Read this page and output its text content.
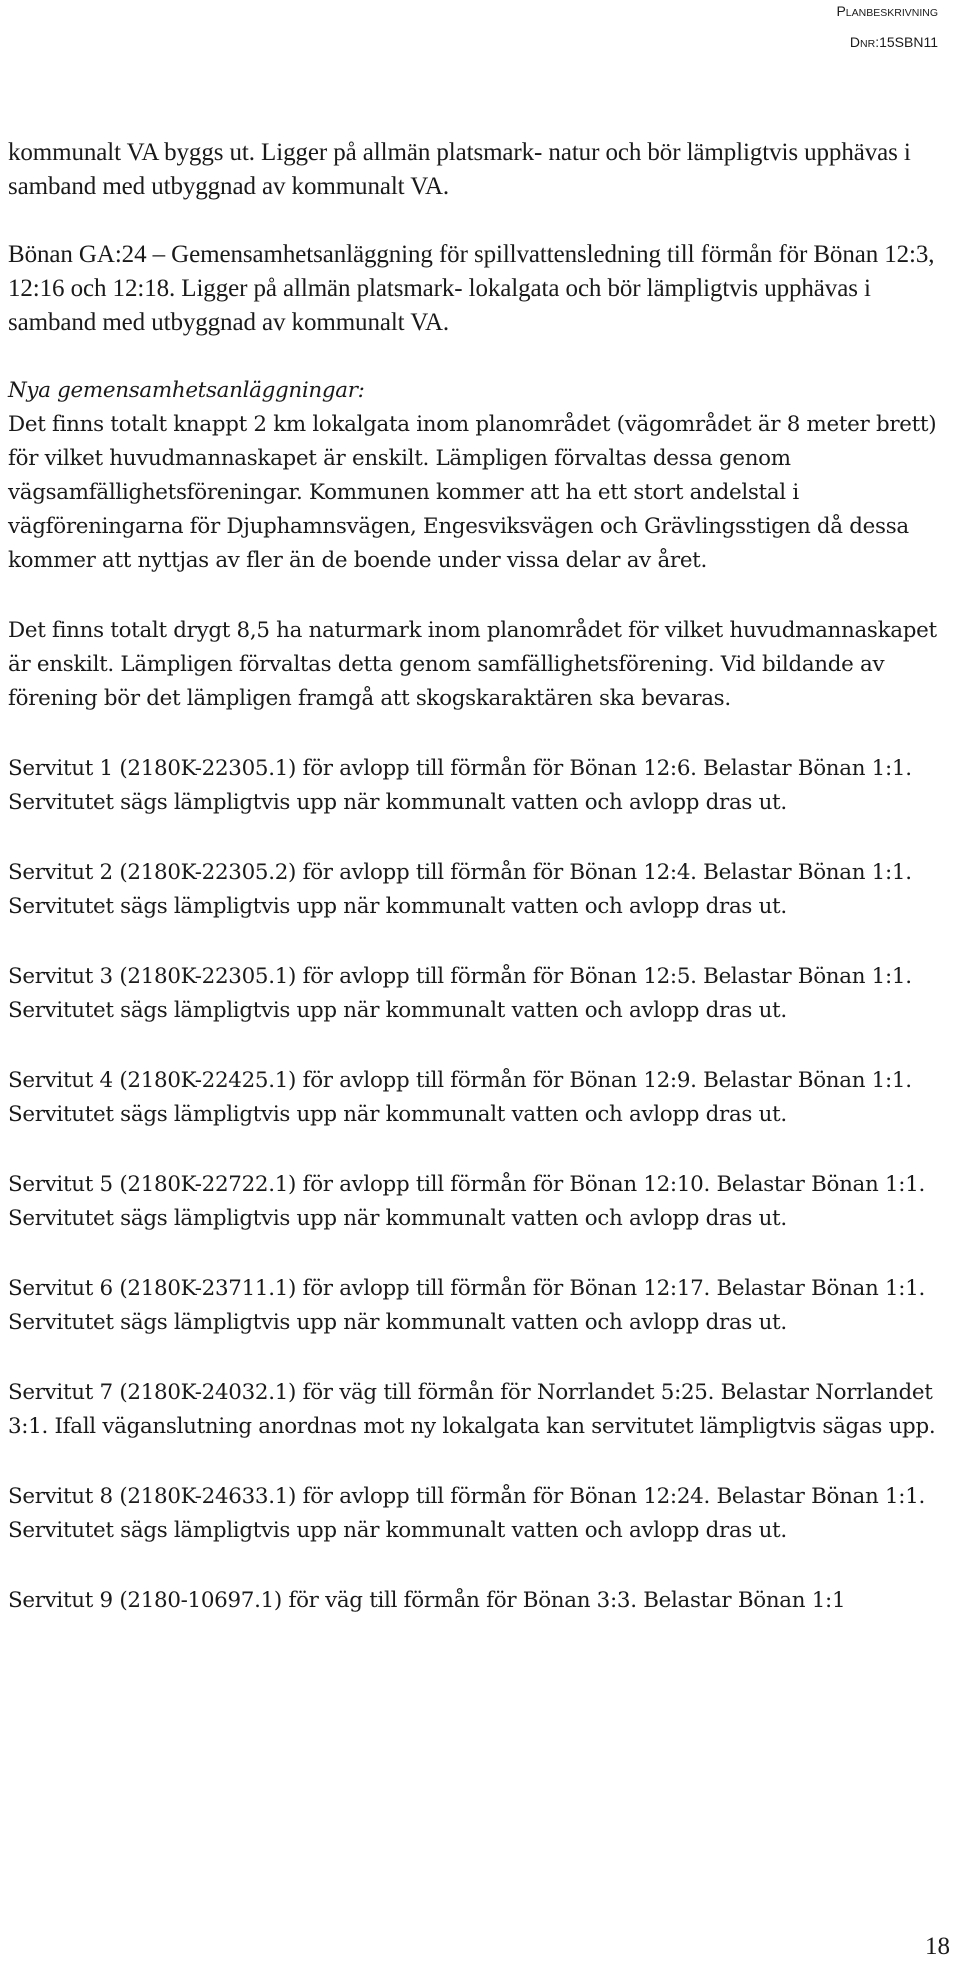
PLANBESKRIVNING
DNR:15SBN11

kommunalt VA byggs ut. Ligger på allmän platsmark- natur och bör lämpligtvis upphävas i samband med utbyggnad av kommunalt VA.

Bönan GA:24 – Gemensamhetsanläggning för spillvattensledning till förmån för Bönan 12:3, 12:16 och 12:18. Ligger på allmän platsmark- lokalgata och bör lämpligtvis upphävas i samband med utbyggnad av kommunalt VA.

Nya gemensamhetsanläggningar:

Det finns totalt knappt 2 km lokalgata inom planområdet (vägområdet är 8 meter brett) för vilket huvudmannaskapet är enskilt. Lämpligen förvaltas dessa genom vägsamfällighetsföreningar. Kommunen kommer att ha ett stort andelstal i vägföreningarna för Djuphamnsvägen, Engesviksvägen och Grävlingsstigen då dessa kommer att nyttjas av fler än de boende under vissa delar av året.

Det finns totalt drygt 8,5 ha naturmark inom planområdet för vilket huvudmannaskapet är enskilt. Lämpligen förvaltas detta genom samfällighetsförening. Vid bildande av förening bör det lämpligen framgå att skogskaraktären ska bevaras.

Servitut 1 (2180K-22305.1) för avlopp till förmån för Bönan 12:6. Belastar Bönan 1:1. Servitutet sägs lämpligtvis upp när kommunalt vatten och avlopp dras ut.

Servitut 2 (2180K-22305.2) för avlopp till förmån för Bönan 12:4. Belastar Bönan 1:1. Servitutet sägs lämpligtvis upp när kommunalt vatten och avlopp dras ut.

Servitut 3 (2180K-22305.1) för avlopp till förmån för Bönan 12:5. Belastar Bönan 1:1. Servitutet sägs lämpligtvis upp när kommunalt vatten och avlopp dras ut.

Servitut 4 (2180K-22425.1) för avlopp till förmån för Bönan 12:9. Belastar Bönan 1:1. Servitutet sägs lämpligtvis upp när kommunalt vatten och avlopp dras ut.

Servitut 5 (2180K-22722.1) för avlopp till förmån för Bönan 12:10. Belastar Bönan 1:1. Servitutet sägs lämpligtvis upp när kommunalt vatten och avlopp dras ut.

Servitut 6 (2180K-23711.1) för avlopp till förmån för Bönan 12:17. Belastar Bönan 1:1. Servitutet sägs lämpligtvis upp när kommunalt vatten och avlopp dras ut.

Servitut 7 (2180K-24032.1) för väg till förmån för Norrlandet 5:25. Belastar Norrlandet 3:1. Ifall väganslutning anordnas mot ny lokalgata kan servitutet lämpligtvis sägas upp.

Servitut 8 (2180K-24633.1) för avlopp till förmån för Bönan 12:24. Belastar Bönan 1:1. Servitutet sägs lämpligtvis upp när kommunalt vatten och avlopp dras ut.

Servitut 9 (2180-10697.1) för väg till förmån för Bönan 3:3. Belastar Bönan 1:1

18
